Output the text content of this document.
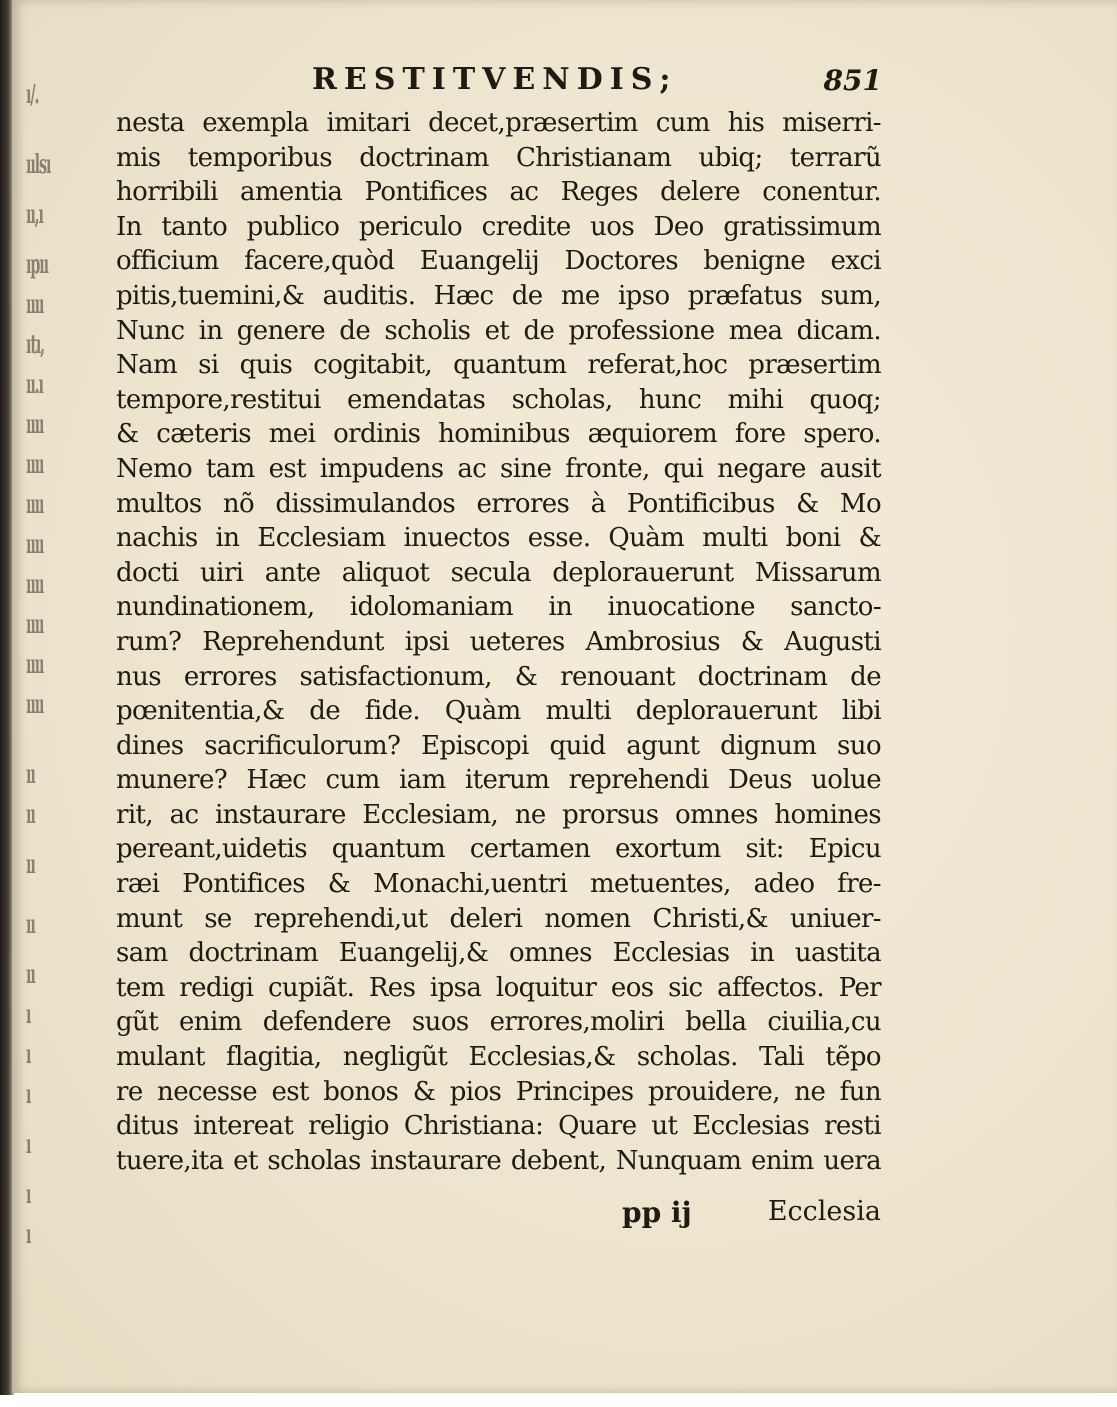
ı/.
ıılsı
ıı,ı
ıpıı
ıııı
ıtı,
ıı.ı
ıııı
ıııı
ıııı
ıııı
ıııı
ıııı
ıııı
ıııı
ıı
ıı
ıı
ıı
ıı
ı
ı
ı
ı
ı
ı
RESTITVENDIS;	851
nesta exempla imitari decet,præsertim cum his miserri-
mis temporibus doctrinam Christianam ubiq; terrarũ
horribili amentia Pontifices ac Reges delere conentur.
In tanto publico periculo credite uos Deo gratissimum
officium facere,quòd Euangelij Doctores benigne exci
pitis,tuemini,& auditis. Hæc de me ipso præfatus sum,
Nunc in genere de scholis et de professione mea dicam.
Nam si quis cogitabit, quantum referat,hoc præsertim
tempore,restitui emendatas scholas, hunc mihi quoq;
& cæteris mei ordinis hominibus æquiorem fore spero.
Nemo tam est impudens ac sine fronte, qui negare ausit
multos nõ dissimulandos errores à Pontificibus & Mo
nachis in Ecclesiam inuectos esse. Quàm multi boni &
docti uiri ante aliquot secula deplorauerunt Missarum
nundinationem, idolomaniam in inuocatione sancto-
rum? Reprehendunt ipsi ueteres Ambrosius & Augusti
nus errores satisfactionum, & renouant doctrinam de
pœnitentia,& de fide. Quàm multi deplorauerunt libi
dines sacrificulorum? Episcopi quid agunt dignum suo
munere? Hæc cum iam iterum reprehendi Deus uolue
rit, ac instaurare Ecclesiam, ne prorsus omnes homines
pereant,uidetis quantum certamen exortum sit: Epicu
ræi Pontifices & Monachi,uentri metuentes, adeo fre-
munt se reprehendi,ut deleri nomen Christi,& uniuer-
sam doctrinam Euangelij,& omnes Ecclesias in uastita
tem redigi cupiãt. Res ipsa loquitur eos sic affectos. Per
gũt enim defendere suos errores,moliri bella ciuilia,cu
mulant flagitia, negligũt Ecclesias,& scholas. Tali tẽpo
re necesse est bonos & pios Principes prouidere, ne fun
ditus intereat religio Christiana: Quare ut Ecclesias resti
tuere,ita et scholas instaurare debent, Nunquam enim uera
pp ij	Ecclesia
